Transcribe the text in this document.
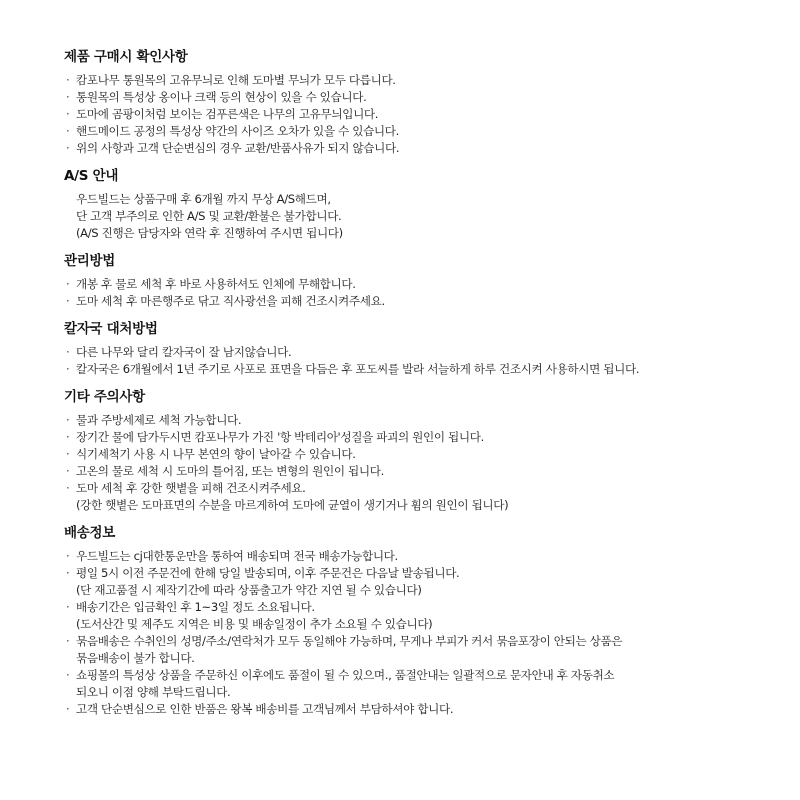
제품 구매시 확인사항
· 캄포나무 통원목의 고유무늬로 인해 도마별 무늬가 모두 다릅니다.
· 통원목의 특성상 옹이나 크랙 등의 현상이 있을 수 있습니다.
· 도마에 곰팡이처럼 보이는 검푸른색은 나무의 고유무늬입니다.
· 핸드메이드 공정의 특성상 약간의 사이즈 오차가 있을 수 있습니다.
· 위의 사항과 고객 단순변심의 경우 교환/반품사유가 되지 않습니다.
A/S 안내
우드빌드는 상품구매 후 6개월 까지 무상 A/S해드며,
단 고객 부주의로 인한 A/S 및 교환/환불은 불가합니다.
(A/S 진행은 담당자와 연락 후 진행하여 주시면 됩니다)
관리방법
· 개봉 후 물로 세척 후 바로 사용하셔도 인체에 무해합니다.
· 도마 세척 후 마른행주로 닦고 직사광선을 피해 건조시켜주세요.
칼자국 대처방법
· 다른 나무와 달리 칼자국이 잘 남지않습니다.
· 칼자국은 6개월에서 1년 주기로 사포로 표면을 다듬은 후 포도씨를 발라 서늘하게 하루 건조시켜 사용하시면 됩니다.
기타 주의사항
· 물과 주방세제로 세척 가능합니다.
· 장기간 물에 담가두시면 캄포나무가 가진 '항 박테리아'성질을 파괴의 원인이 됩니다.
· 식기세척기 사용 시 나무 본연의 향이 날아갈 수 있습니다.
· 고온의 물로 세척 시 도마의 틀어짐, 또는 변형의 원인이 됩니다.
· 도마 세척 후 강한 햇볕을 피해 건조시켜주세요.
(강한 햇볕은 도마표면의 수분을 마르게하여 도마에 균열이 생기거나 휨의 원인이 됩니다)
배송정보
· 우드빌드는 cj대한통운만을 통하여 배송되며 전국 배송가능합니다.
· 평일 5시 이전 주문건에 한해 당일 발송되며, 이후 주문건은 다음날 발송됩니다.
(단 재고품절 시 제작기간에 따라 상품출고가 약간 지연 될 수 있습니다)
· 배송기간은 입금확인 후 1~3일 정도 소요됩니다.
(도서산간 및 제주도 지역은 비용 및 배송일정이 추가 소요될 수 있습니다)
· 묶음배송은 수취인의 성명/주소/연락처가 모두 동일해야 가능하며, 무게나 부피가 커서 묶음포장이 안되는 상품은
묶음배송이 불가 합니다.
· 쇼핑몰의 특성상 상품을 주문하신 이후에도 품절이 될 수 있으며., 품절안내는 일괄적으로 문자안내 후 자동취소
되오니 이점 양해 부탁드립니다.
· 고객 단순변심으로 인한 반품은 왕복 배송비를 고객님께서 부담하셔야 합니다.
